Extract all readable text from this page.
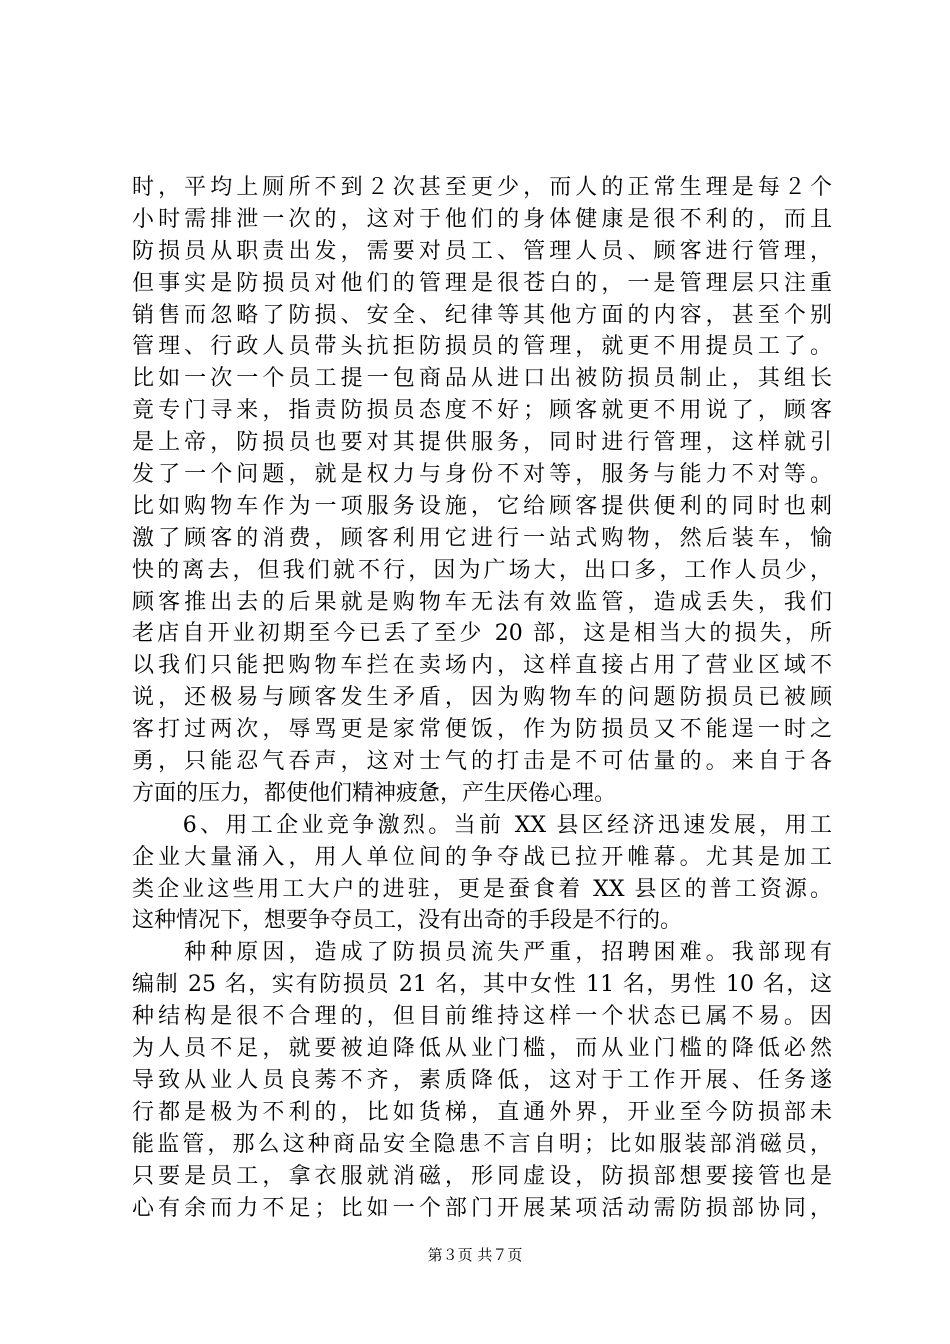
时，平均上厕所不到２次甚至更少，而人的正常生理是每２个
小时需排泄一次的，这对于他们的身体健康是很不利的，而且
防损员从职责出发，需要对员工、管理人员、顾客进行管理，
但事实是防损员对他们的管理是很苍白的，一是管理层只注重
销售而忽略了防损、安全、纪律等其他方面的内容，甚至个别
管理、行政人员带头抗拒防损员的管理，就更不用提员工了。
比如一次一个员工提一包商品从进口出被防损员制止，其组长
竟专门寻来，指责防损员态度不好；顾客就更不用说了，顾客
是上帝，防损员也要对其提供服务，同时进行管理，这样就引
发了一个问题，就是权力与身份不对等，服务与能力不对等。
比如购物车作为一项服务设施，它给顾客提供便利的同时也刺
激了顾客的消费，顾客利用它进行一站式购物，然后装车，愉
快的离去，但我们就不行，因为广场大，出口多，工作人员少，
顾客推出去的后果就是购物车无法有效监管，造成丢失，我们
老店自开业初期至今已丢了至少 20 部，这是相当大的损失，所
以我们只能把购物车拦在卖场内，这样直接占用了营业区域不
说，还极易与顾客发生矛盾，因为购物车的问题防损员已被顾
客打过两次，辱骂更是家常便饭，作为防损员又不能逞一时之
勇，只能忍气吞声，这对士气的打击是不可估量的。来自于各
方面的压力，都使他们精神疲惫，产生厌倦心理。
　　6、用工企业竞争激烈。当前 XX 县区经济迅速发展，用工
企业大量涌入，用人单位间的争夺战已拉开帷幕。尤其是加工
类企业这些用工大户的进驻，更是蚕食着 XX 县区的普工资源。
这种情况下，想要争夺员工，没有出奇的手段是不行的。
　　种种原因，造成了防损员流失严重，招聘困难。我部现有
编制 25 名，实有防损员 21 名，其中女性 11 名，男性 10 名，这
种结构是很不合理的，但目前维持这样一个状态已属不易。因
为人员不足，就要被迫降低从业门槛，而从业门槛的降低必然
导致从业人员良莠不齐，素质降低，这对于工作开展、任务遂
行都是极为不利的，比如货梯，直通外界，开业至今防损部未
能监管，那么这种商品安全隐患不言自明；比如服装部消磁员，
只要是员工，拿衣服就消磁，形同虚设，防损部想要接管也是
心有余而力不足；比如一个部门开展某项活动需防损部协同，
第３页 共７页
